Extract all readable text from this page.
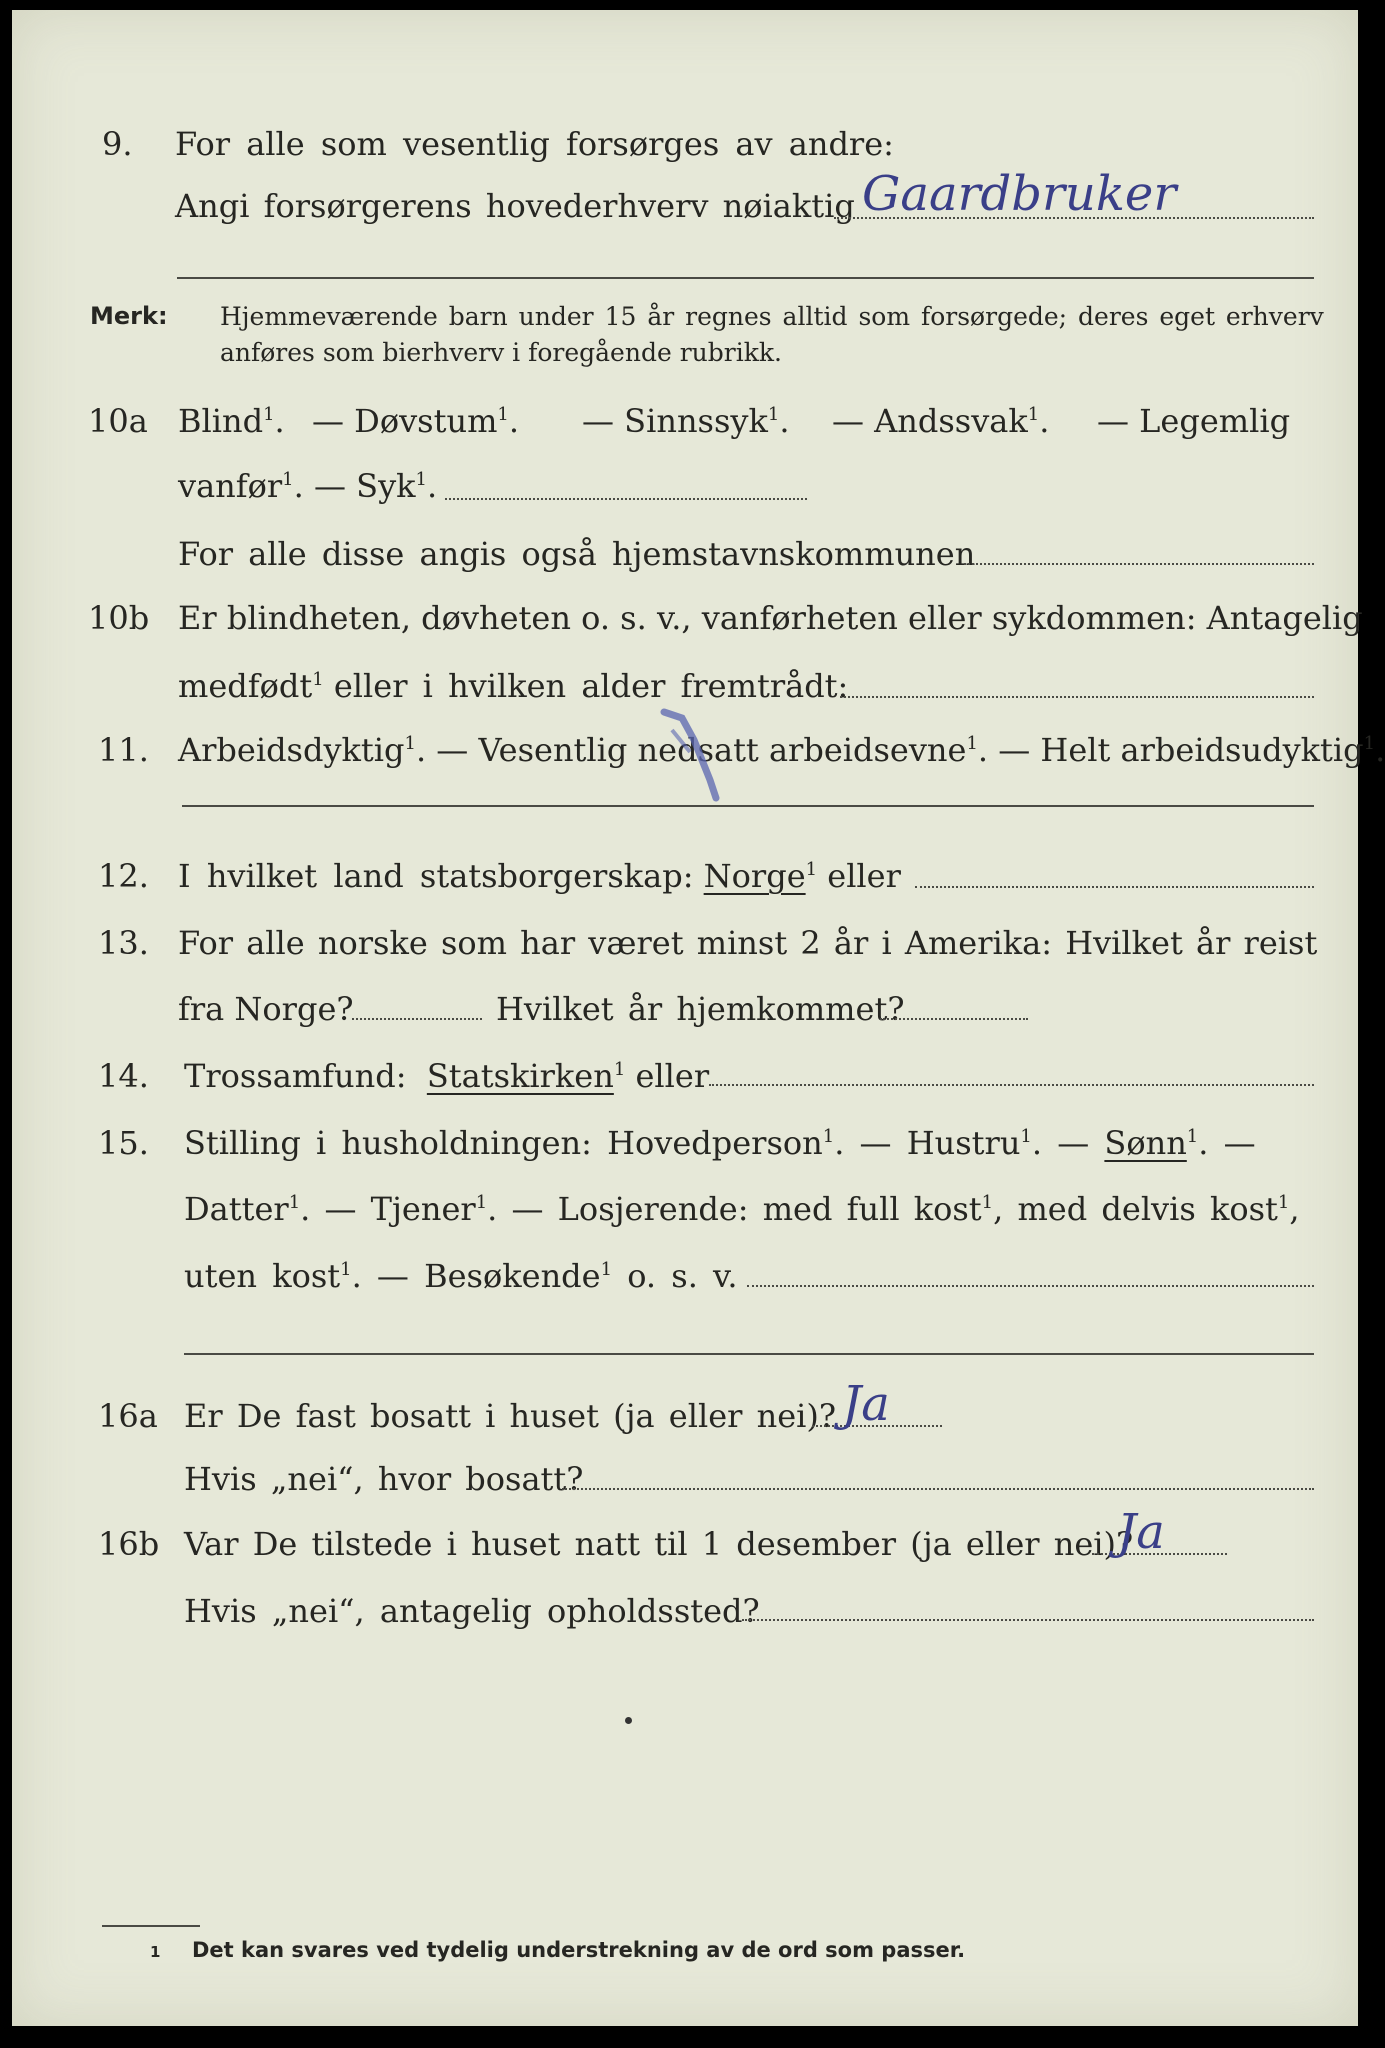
9. For alle som vesentlig forsørges av andre:
Angi forsørgerens hovederhverv nøiaktig Gaardbruker
Merk: Hjemmeværende barn under 15 år regnes alltid som forsørgede; deres eget erhverv
anføres som bierhverv i foregående rubrikk.
10a Blind$^1$. — Døvstum$^1$. — Sinnssyk$^1$. — Andssvak$^1$. — Legemlig
vanfør$^1$. — Syk$^1$.
For alle disse angis også hjemstavnskommunen
10b Er blindheten, døvheten o. s. v., vanførheten eller sykdommen: Antagelig
medfødt$^1$ eller i hvilken alder fremtrådt:
11. Arbeidsdyktig$^1$. — Vesentlig nedsatt arbeidsevne$^1$. — Helt arbeidsudyktig$^1$.
12. I hvilket land statsborgerskap: Norge$^1$ eller
13. For alle norske som har været minst 2 år i Amerika: Hvilket år reist
fra Norge?	Hvilket år hjemkommet?
14. Trossamfund: Statskirken$^1$ eller
15. Stilling i husholdningen: Hovedperson$^1$. — Hustru$^1$. — Sønn$^1$. —
Datter$^1$. — Tjener$^1$. — Losjerende: med full kost$^1$, med delvis kost$^1$,
uten kost$^1$. — Besøkende$^1$ o. s. v.
16a Er De fast bosatt i huset (ja eller nei)? Ja
Hvis „nei“, hvor bosatt?
16b Var De tilstede i huset natt til 1 desember (ja eller nei)?
Ja
Hvis „nei“, antagelig opholdssted?
1 Det kan svares ved tydelig understrekning av de ord som passer.
